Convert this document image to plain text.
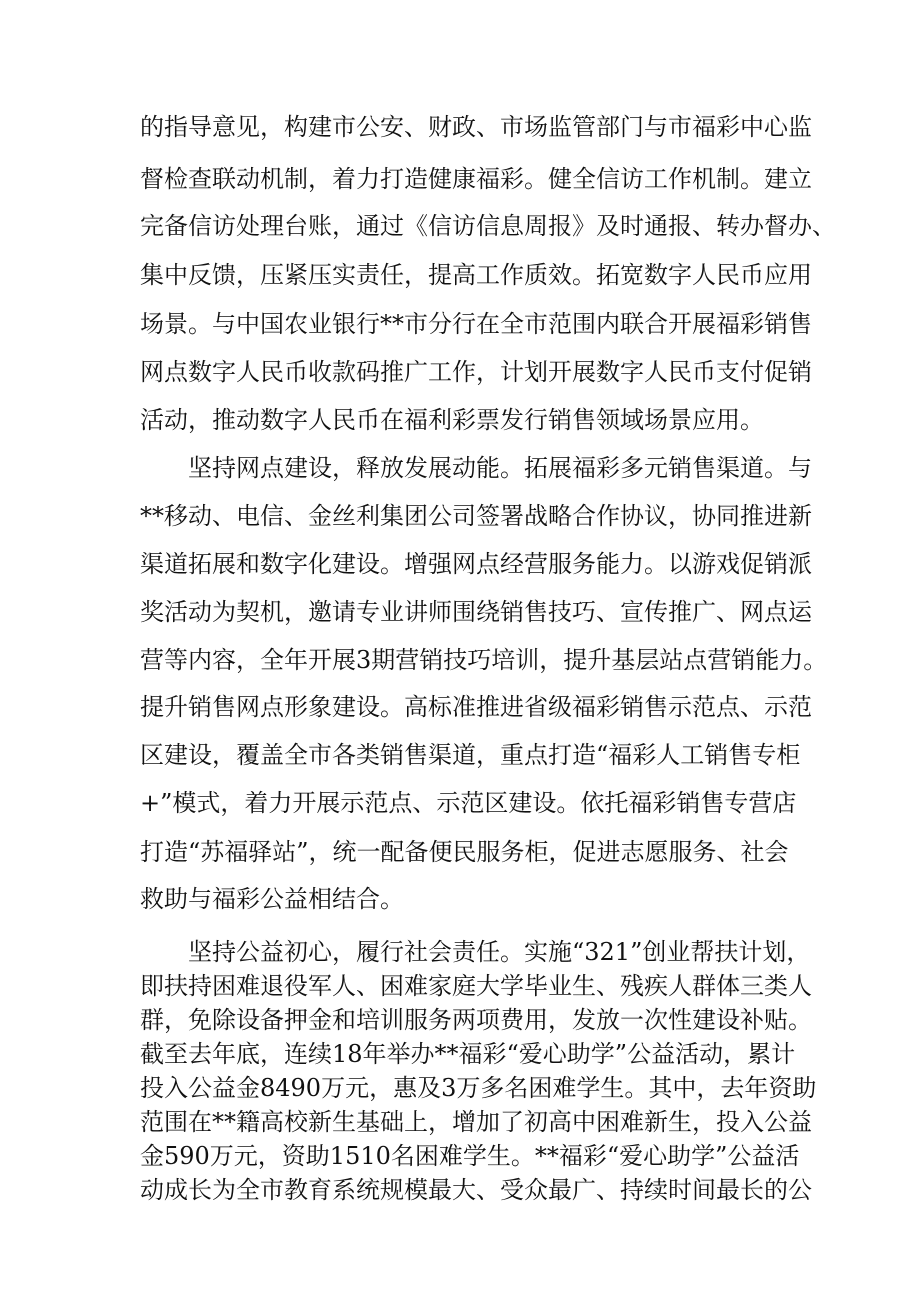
的指导意见，构建市公安、财政、市场监管部门与市福彩中心监
督检查联动机制，着力打造健康福彩。健全信访工作机制。建立
完备信访处理台账，通过《信访信息周报》及时通报、转办督办、
集中反馈，压紧压实责任，提高工作质效。拓宽数字人民币应用
场景。与中国农业银行**市分行在全市范围内联合开展福彩销售
网点数字人民币收款码推广工作，计划开展数字人民币支付促销
活动，推动数字人民币在福利彩票发行销售领域场景应用。
坚持网点建设，释放发展动能。拓展福彩多元销售渠道。与
**移动、电信、金丝利集团公司签署战略合作协议，协同推进新
渠道拓展和数字化建设。增强网点经营服务能力。以游戏促销派
奖活动为契机，邀请专业讲师围绕销售技巧、宣传推广、网点运
营等内容，全年开展3期营销技巧培训，提升基层站点营销能力。
提升销售网点形象建设。高标准推进省级福彩销售示范点、示范
区建设，覆盖全市各类销售渠道，重点打造“福彩人工销售专柜
+”模式，着力开展示范点、示范区建设。依托福彩销售专营店
打造“苏福驿站”，统一配备便民服务柜，促进志愿服务、社会
救助与福彩公益相结合。
坚持公益初心，履行社会责任。实施“321”创业帮扶计划，
即扶持困难退役军人、困难家庭大学毕业生、残疾人群体三类人
群，免除设备押金和培训服务两项费用，发放一次性建设补贴。
截至去年底，连续18年举办**福彩“爱心助学”公益活动，累计
投入公益金8490万元，惠及3万多名困难学生。其中，去年资助
范围在**籍高校新生基础上，增加了初高中困难新生，投入公益
金590万元，资助1510名困难学生。**福彩“爱心助学”公益活
动成长为全市教育系统规模最大、受众最广、持续时间最长的公
